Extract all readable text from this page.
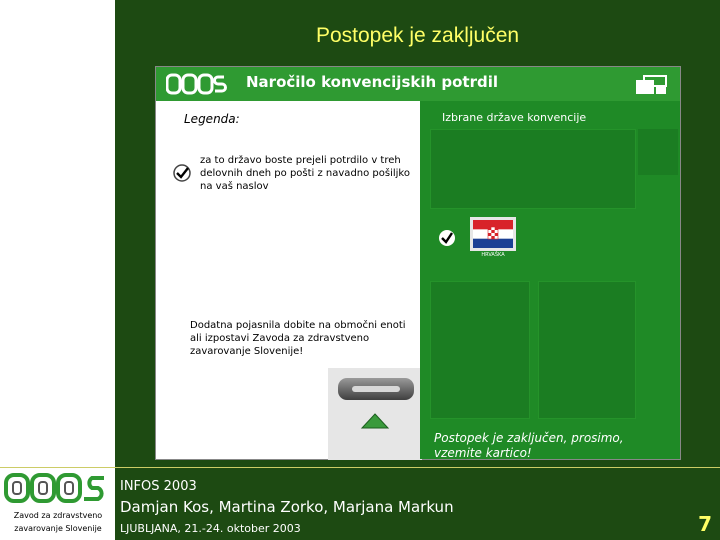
Postopek je zaključen
Naročilo konvencijskih potrdil
Legenda:
za to državo boste prejeli potrdilo v treh delovnih dneh po pošti z navadno pošiljko na vaš naslov
Dodatna pojasnila dobite na območni enoti ali izpostavi Zavoda za zdravstveno zavarovanje Slovenije!
Izbrane države konvencije
HRVAŠKA
Postopek je zaključen, prosimo, vzemite kartico!
Zavod za zdravstveno
zavarovanje Slovenije
INFOS 2003
Damjan Kos, Martina Zorko, Marjana Markun
LJUBLJANA, 21.-24. oktober 2003	7
